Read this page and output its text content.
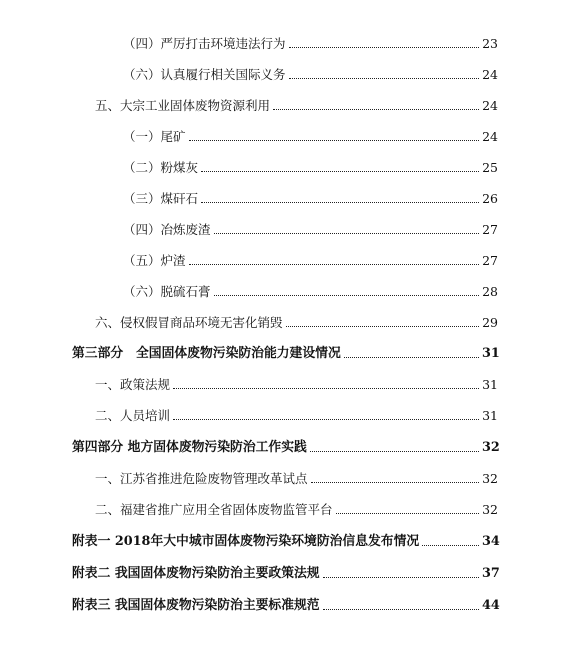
（四）严厉打击环境违法行为	23
（六）认真履行相关国际义务	24
五、大宗工业固体废物资源利用	24
（一）尾矿	24
（二）粉煤灰	25
（三）煤矸石	26
（四）冶炼废渣	27
（五）炉渣	27
（六）脱硫石膏	28
六、侵权假冒商品环境无害化销毁	29
第三部分　全国固体废物污染防治能力建设情况	31
一、政策法规	31
二、人员培训	31
第四部分 地方固体废物污染防治工作实践	32
一、江苏省推进危险废物管理改革试点	32
二、福建省推广应用全省固体废物监管平台	32
附表一 2018年大中城市固体废物污染环境防治信息发布情况	34
附表二 我国固体废物污染防治主要政策法规	37
附表三 我国固体废物污染防治主要标准规范	44
